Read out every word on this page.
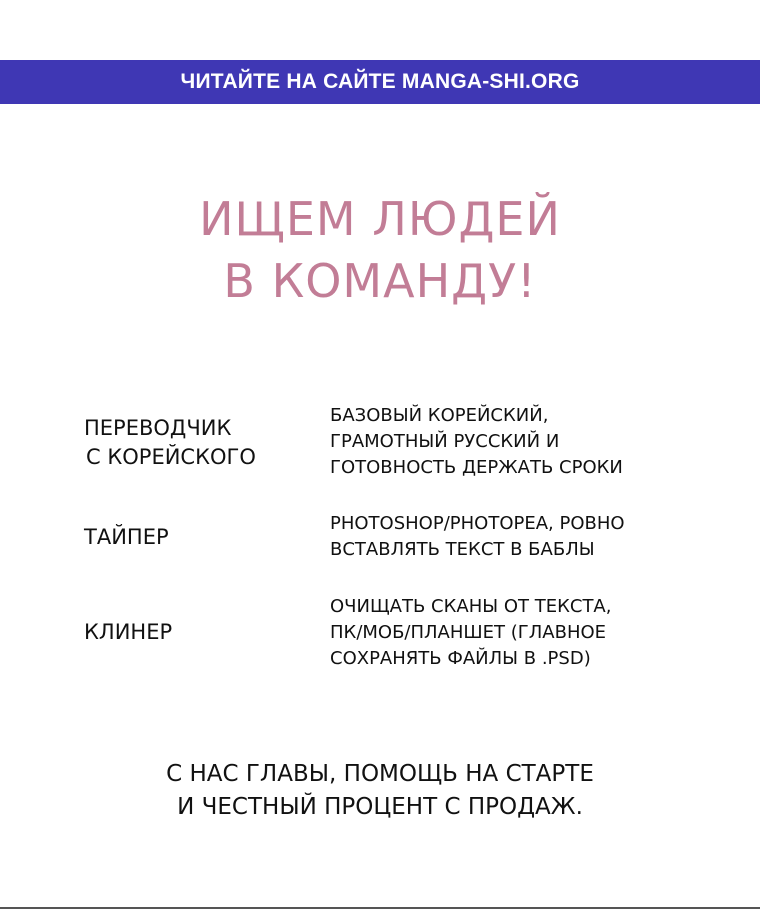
ЧИТАЙТЕ НА САЙТЕ MANGA-SHI.ORG
ИЩЕМ ЛЮДЕЙ
В КОМАНДУ!
ПЕРЕВОДЧИК
С КОРЕЙСКОГО
БАЗОВЫЙ КОРЕЙСКИЙ,
ГРАМОТНЫЙ РУССКИЙ И
ГОТОВНОСТЬ ДЕРЖАТЬ СРОКИ
ТАЙПЕР
PHOTOSHOP/PHOTOPEA, РОВНО
ВСТАВЛЯТЬ ТЕКСТ В БАБЛЫ
КЛИНЕР
ОЧИЩАТЬ СКАНЫ ОТ ТЕКСТА,
ПК/МОБ/ПЛАНШЕТ (ГЛАВНОЕ
СОХРАНЯТЬ ФАЙЛЫ В .PSD)
С НАС ГЛАВЫ, ПОМОЩЬ НА СТАРТЕ
И ЧЕСТНЫЙ ПРОЦЕНТ С ПРОДАЖ.
